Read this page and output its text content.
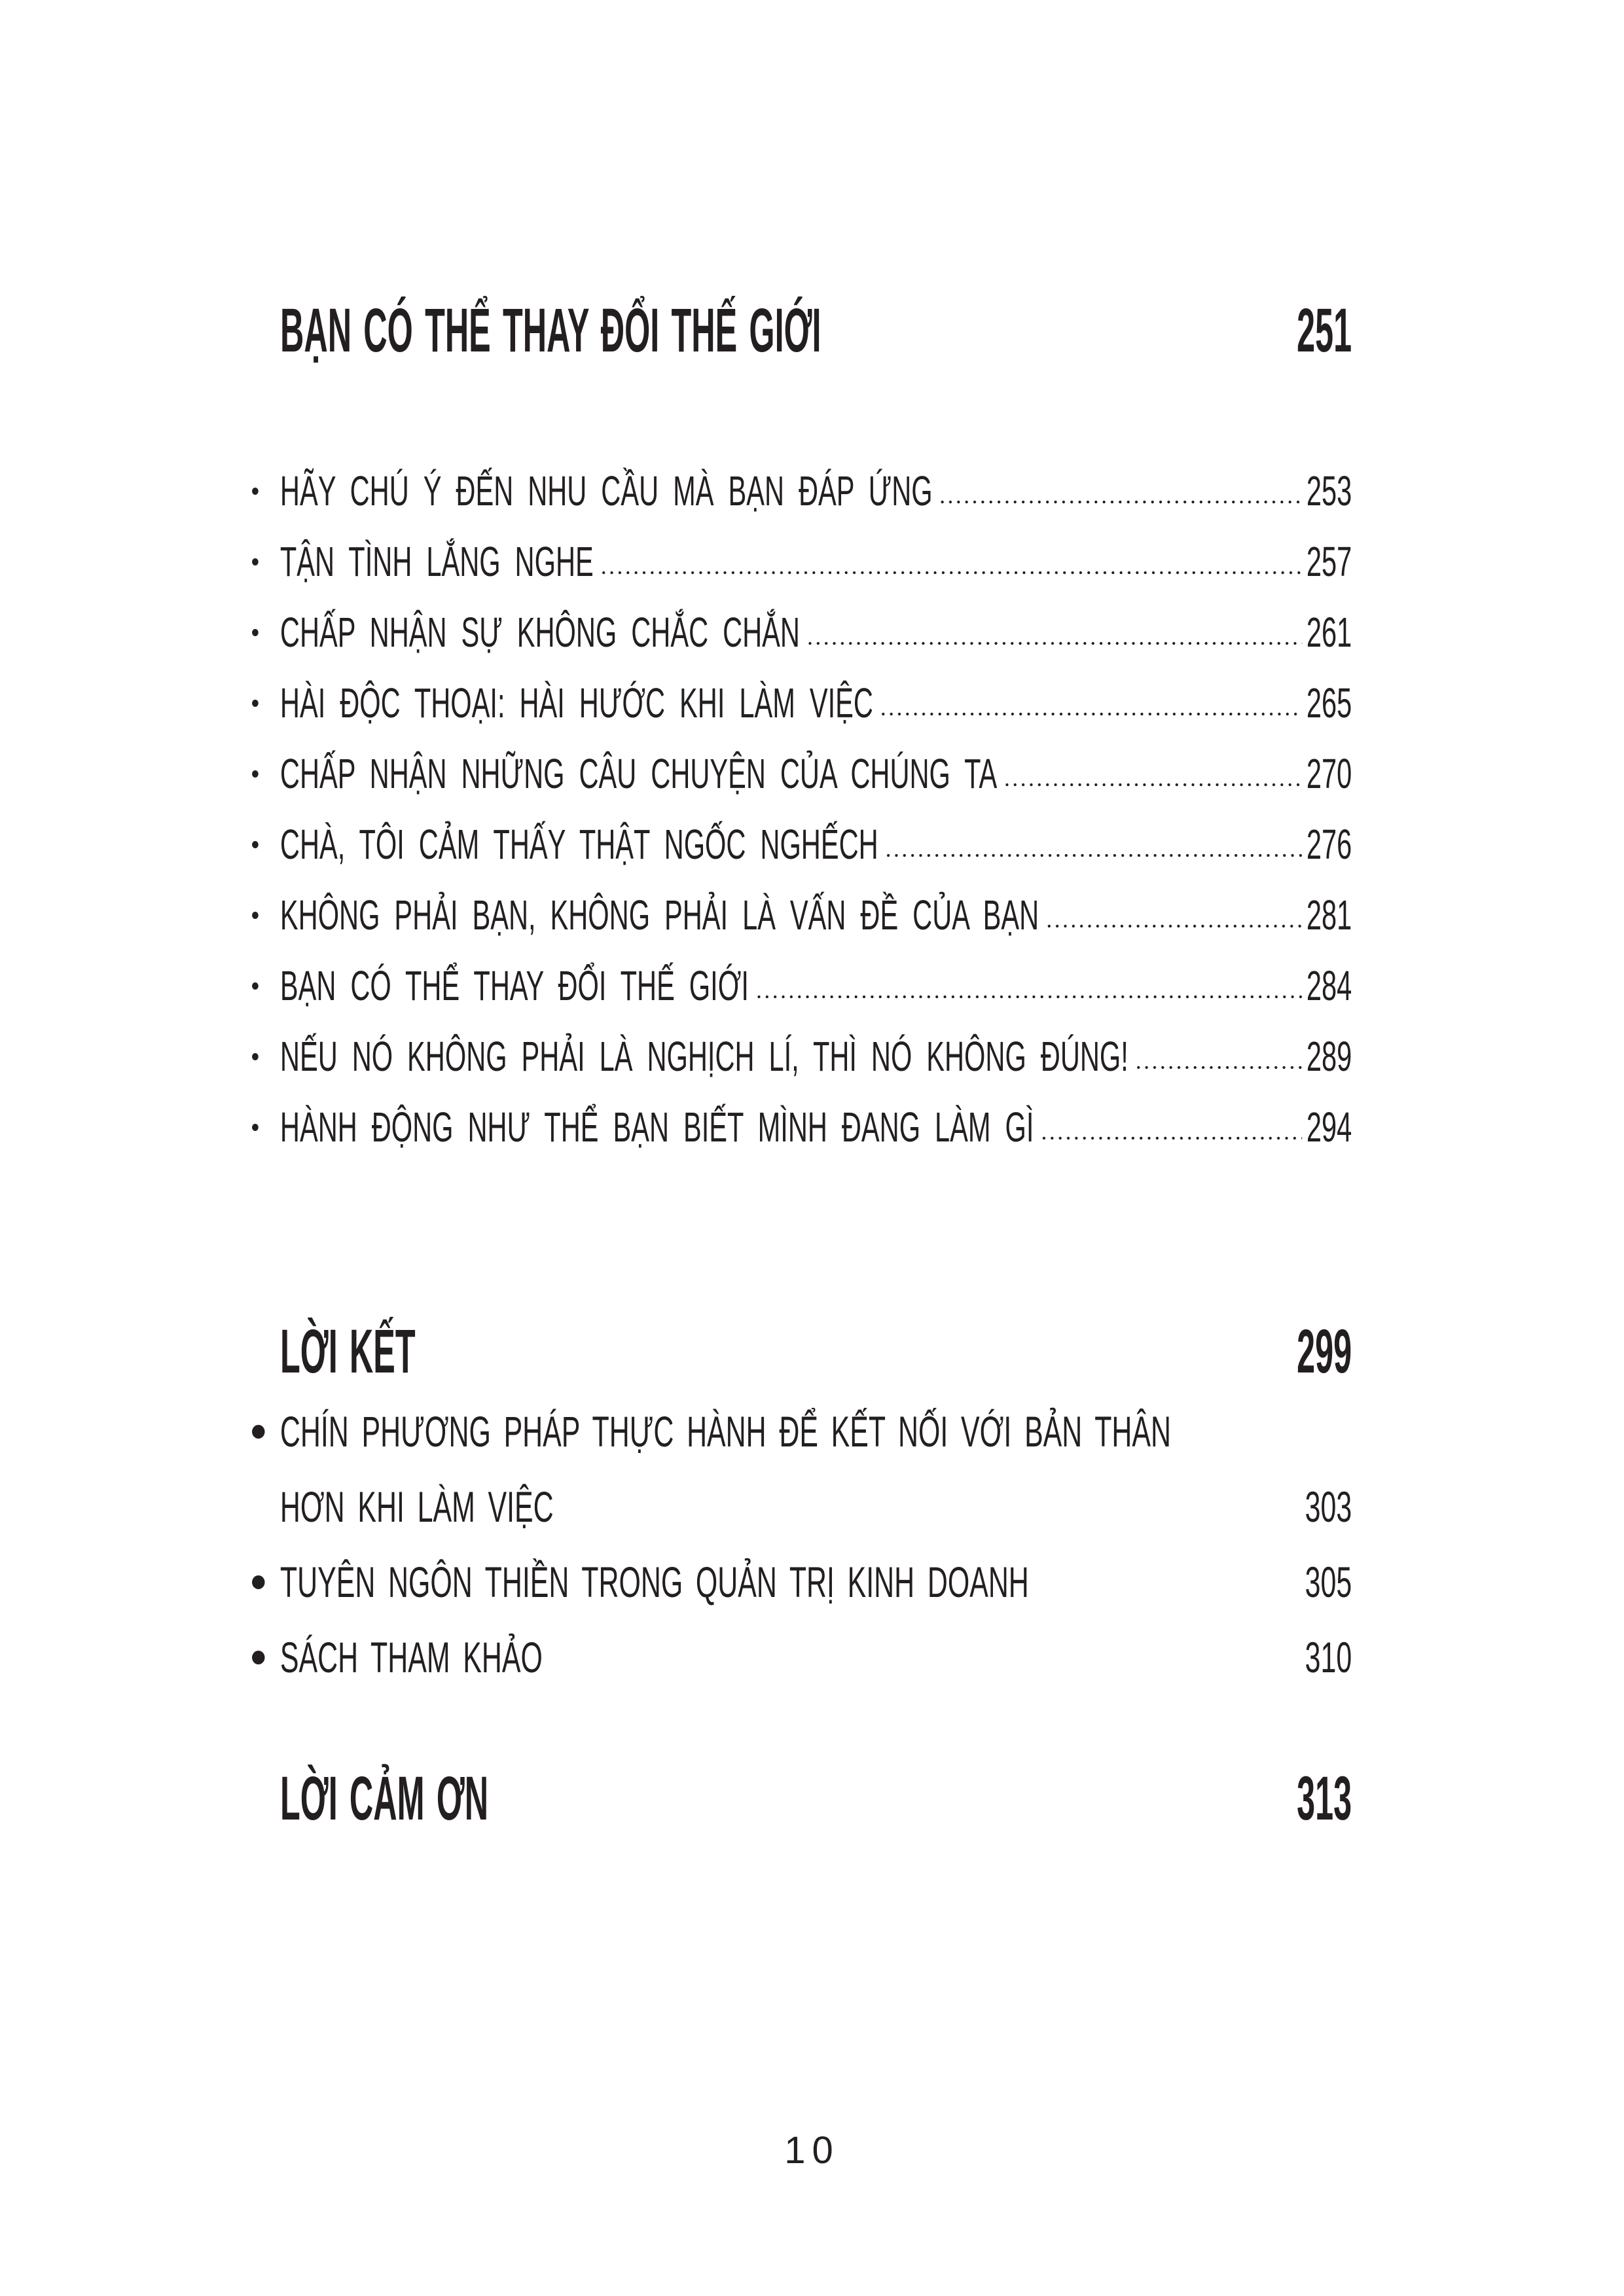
BẠN CÓ THỂ THAY ĐỔI THẾ GIỚI	251
HÃY CHÚ Ý ĐẾN NHU CẦU MÀ BẠN ĐÁP ỨNG	253
TẬN TÌNH LẮNG NGHE	257
CHẤP NHẬN SỰ KHÔNG CHẮC CHẮN	261
HÀI ĐỘC THOẠI: HÀI HƯỚC KHI LÀM VIỆC	265
CHẤP NHẬN NHỮNG CÂU CHUYỆN CỦA CHÚNG TA	270
CHÀ, TÔI CẢM THẤY THẬT NGỐC NGHẾCH	276
KHÔNG PHẢI BẠN, KHÔNG PHẢI LÀ VẤN ĐỀ CỦA BẠN	281
BẠN CÓ THỂ THAY ĐỔI THẾ GIỚI	284
NẾU NÓ KHÔNG PHẢI LÀ NGHỊCH LÍ, THÌ NÓ KHÔNG ĐÚNG!	289
HÀNH ĐỘNG NHƯ THỂ BẠN BIẾT MÌNH ĐANG LÀM GÌ	294
LỜI KẾT	299
CHÍN PHƯƠNG PHÁP THỰC HÀNH ĐỂ KẾT NỐI VỚI BẢN THÂN
HƠN KHI LÀM VIỆC	303
TUYÊN NGÔN THIỀN TRONG QUẢN TRỊ KINH DOANH	305
SÁCH THAM KHẢO	310
LỜI CẢM ƠN	313
10
